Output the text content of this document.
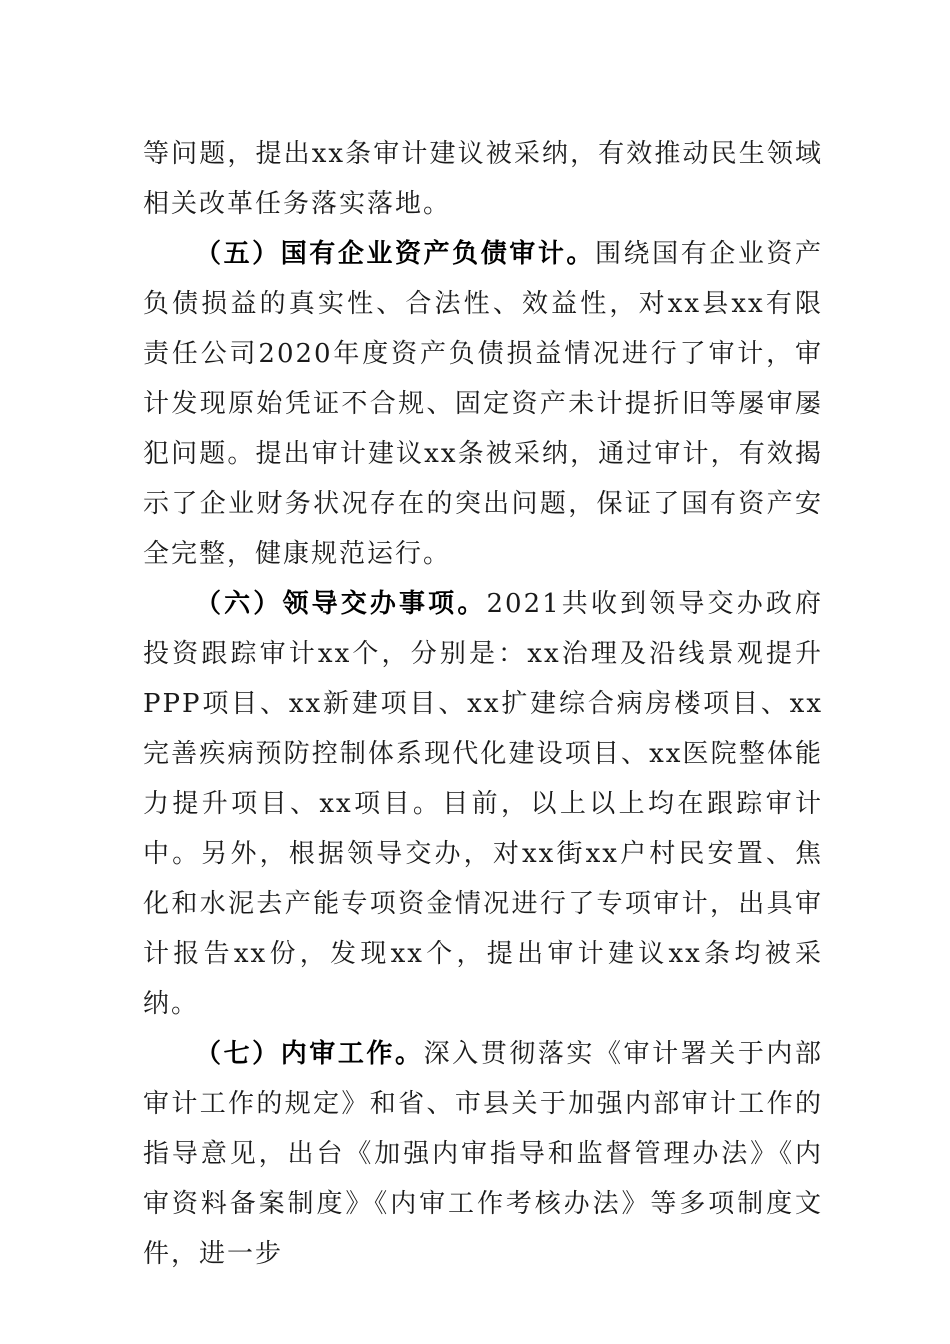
等问题，提出xx条审计建议被采纳，有效推动民生领域相关改革任务落实落地。

（五）国有企业资产负债审计。围绕国有企业资产负债损益的真实性、合法性、效益性，对xx县xx有限责任公司2020年度资产负债损益情况进行了审计，审计发现原始凭证不合规、固定资产未计提折旧等屡审屡犯问题。提出审计建议xx条被采纳，通过审计，有效揭示了企业财务状况存在的突出问题，保证了国有资产安全完整，健康规范运行。

（六）领导交办事项。2021共收到领导交办政府投资跟踪审计xx个，分别是：xx治理及沿线景观提升PPP项目、xx新建项目、xx扩建综合病房楼项目、xx完善疾病预防控制体系现代化建设项目、xx医院整体能力提升项目、xx项目。目前，以上以上均在跟踪审计中。另外，根据领导交办，对xx街xx户村民安置、焦化和水泥去产能专项资金情况进行了专项审计，出具审计报告xx份，发现xx个，提出审计建议xx条均被采纳。

（七）内审工作。深入贯彻落实《审计署关于内部审计工作的规定》和省、市县关于加强内部审计工作的指导意见，出台《加强内审指导和监督管理办法》《内审资料备案制度》《内审工作考核办法》等多项制度文件，进一步
